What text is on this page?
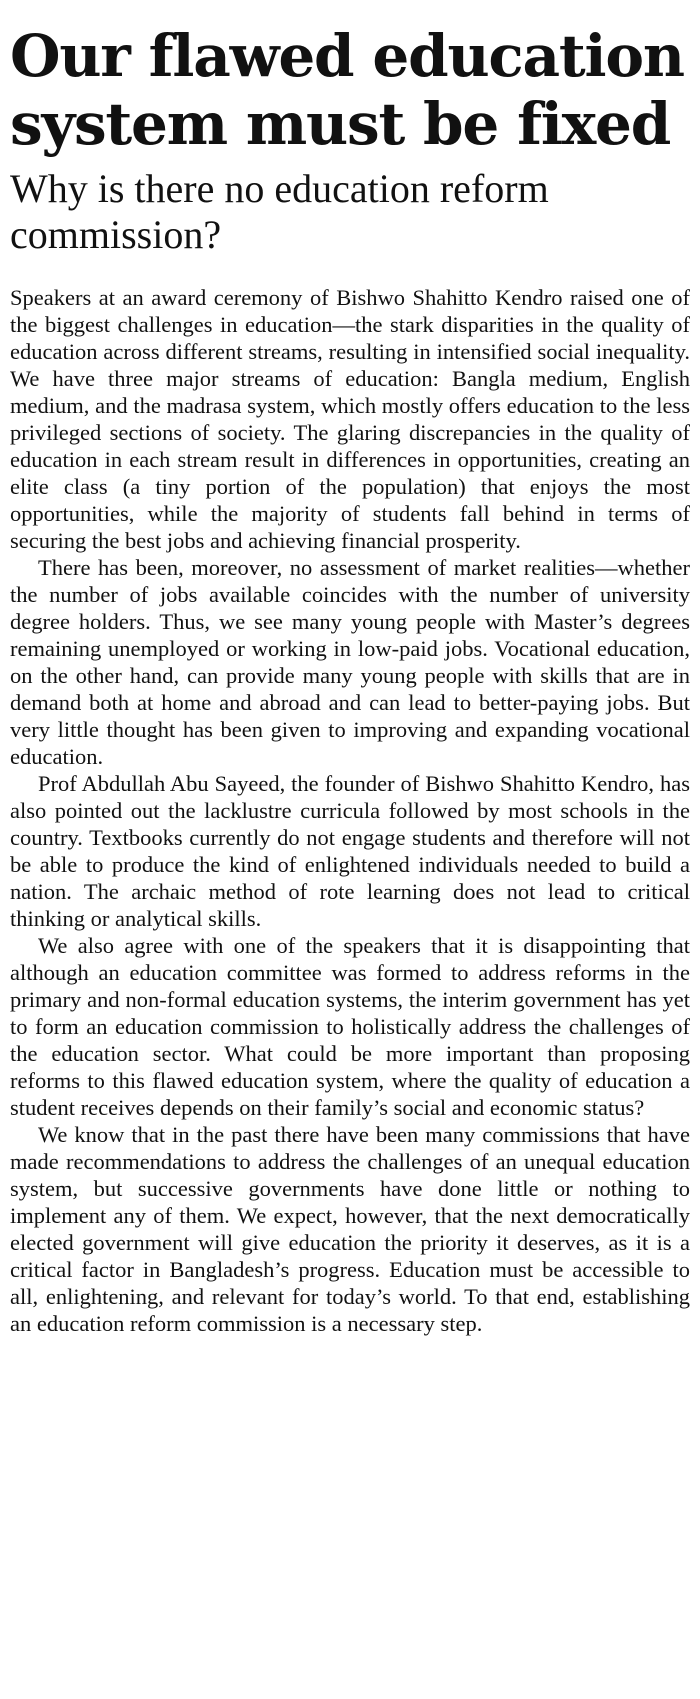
Our flawed education system must be fixed
Why is there no education reform commission?

Speakers at an award ceremony of Bishwo Shahitto Kendro raised one of the biggest challenges in education—the stark disparities in the quality of education across different streams, resulting in intensified social inequality. We have three major streams of education: Bangla medium, English medium, and the madrasa system, which mostly offers education to the less privileged sections of society. The glaring discrepancies in the quality of education in each stream result in differences in opportunities, creating an elite class (a tiny portion of the population) that enjoys the most opportunities, while the majority of students fall behind in terms of securing the best jobs and achieving financial prosperity.

There has been, moreover, no assessment of market realities—whether the number of jobs available coincides with the number of university degree holders. Thus, we see many young people with Master’s degrees remaining unemployed or working in low-paid jobs. Vocational education, on the other hand, can provide many young people with skills that are in demand both at home and abroad and can lead to better-paying jobs. But very little thought has been given to improving and expanding vocational education.

Prof Abdullah Abu Sayeed, the founder of Bishwo Shahitto Kendro, has also pointed out the lacklustre curricula followed by most schools in the country. Textbooks currently do not engage students and therefore will not be able to produce the kind of enlightened individuals needed to build a nation. The archaic method of rote learning does not lead to critical thinking or analytical skills.

We also agree with one of the speakers that it is disappointing that although an education committee was formed to address reforms in the primary and non-formal education systems, the interim government has yet to form an education commission to holistically address the challenges of the education sector. What could be more important than proposing reforms to this flawed education system, where the quality of education a student receives depends on their family’s social and economic status?

We know that in the past there have been many commissions that have made recommendations to address the challenges of an unequal education system, but successive governments have done little or nothing to implement any of them. We expect, however, that the next democratically elected government will give education the priority it deserves, as it is a critical factor in Bangladesh’s progress. Education must be accessible to all, enlightening, and relevant for today’s world. To that end, establishing an education reform commission is a necessary step.
